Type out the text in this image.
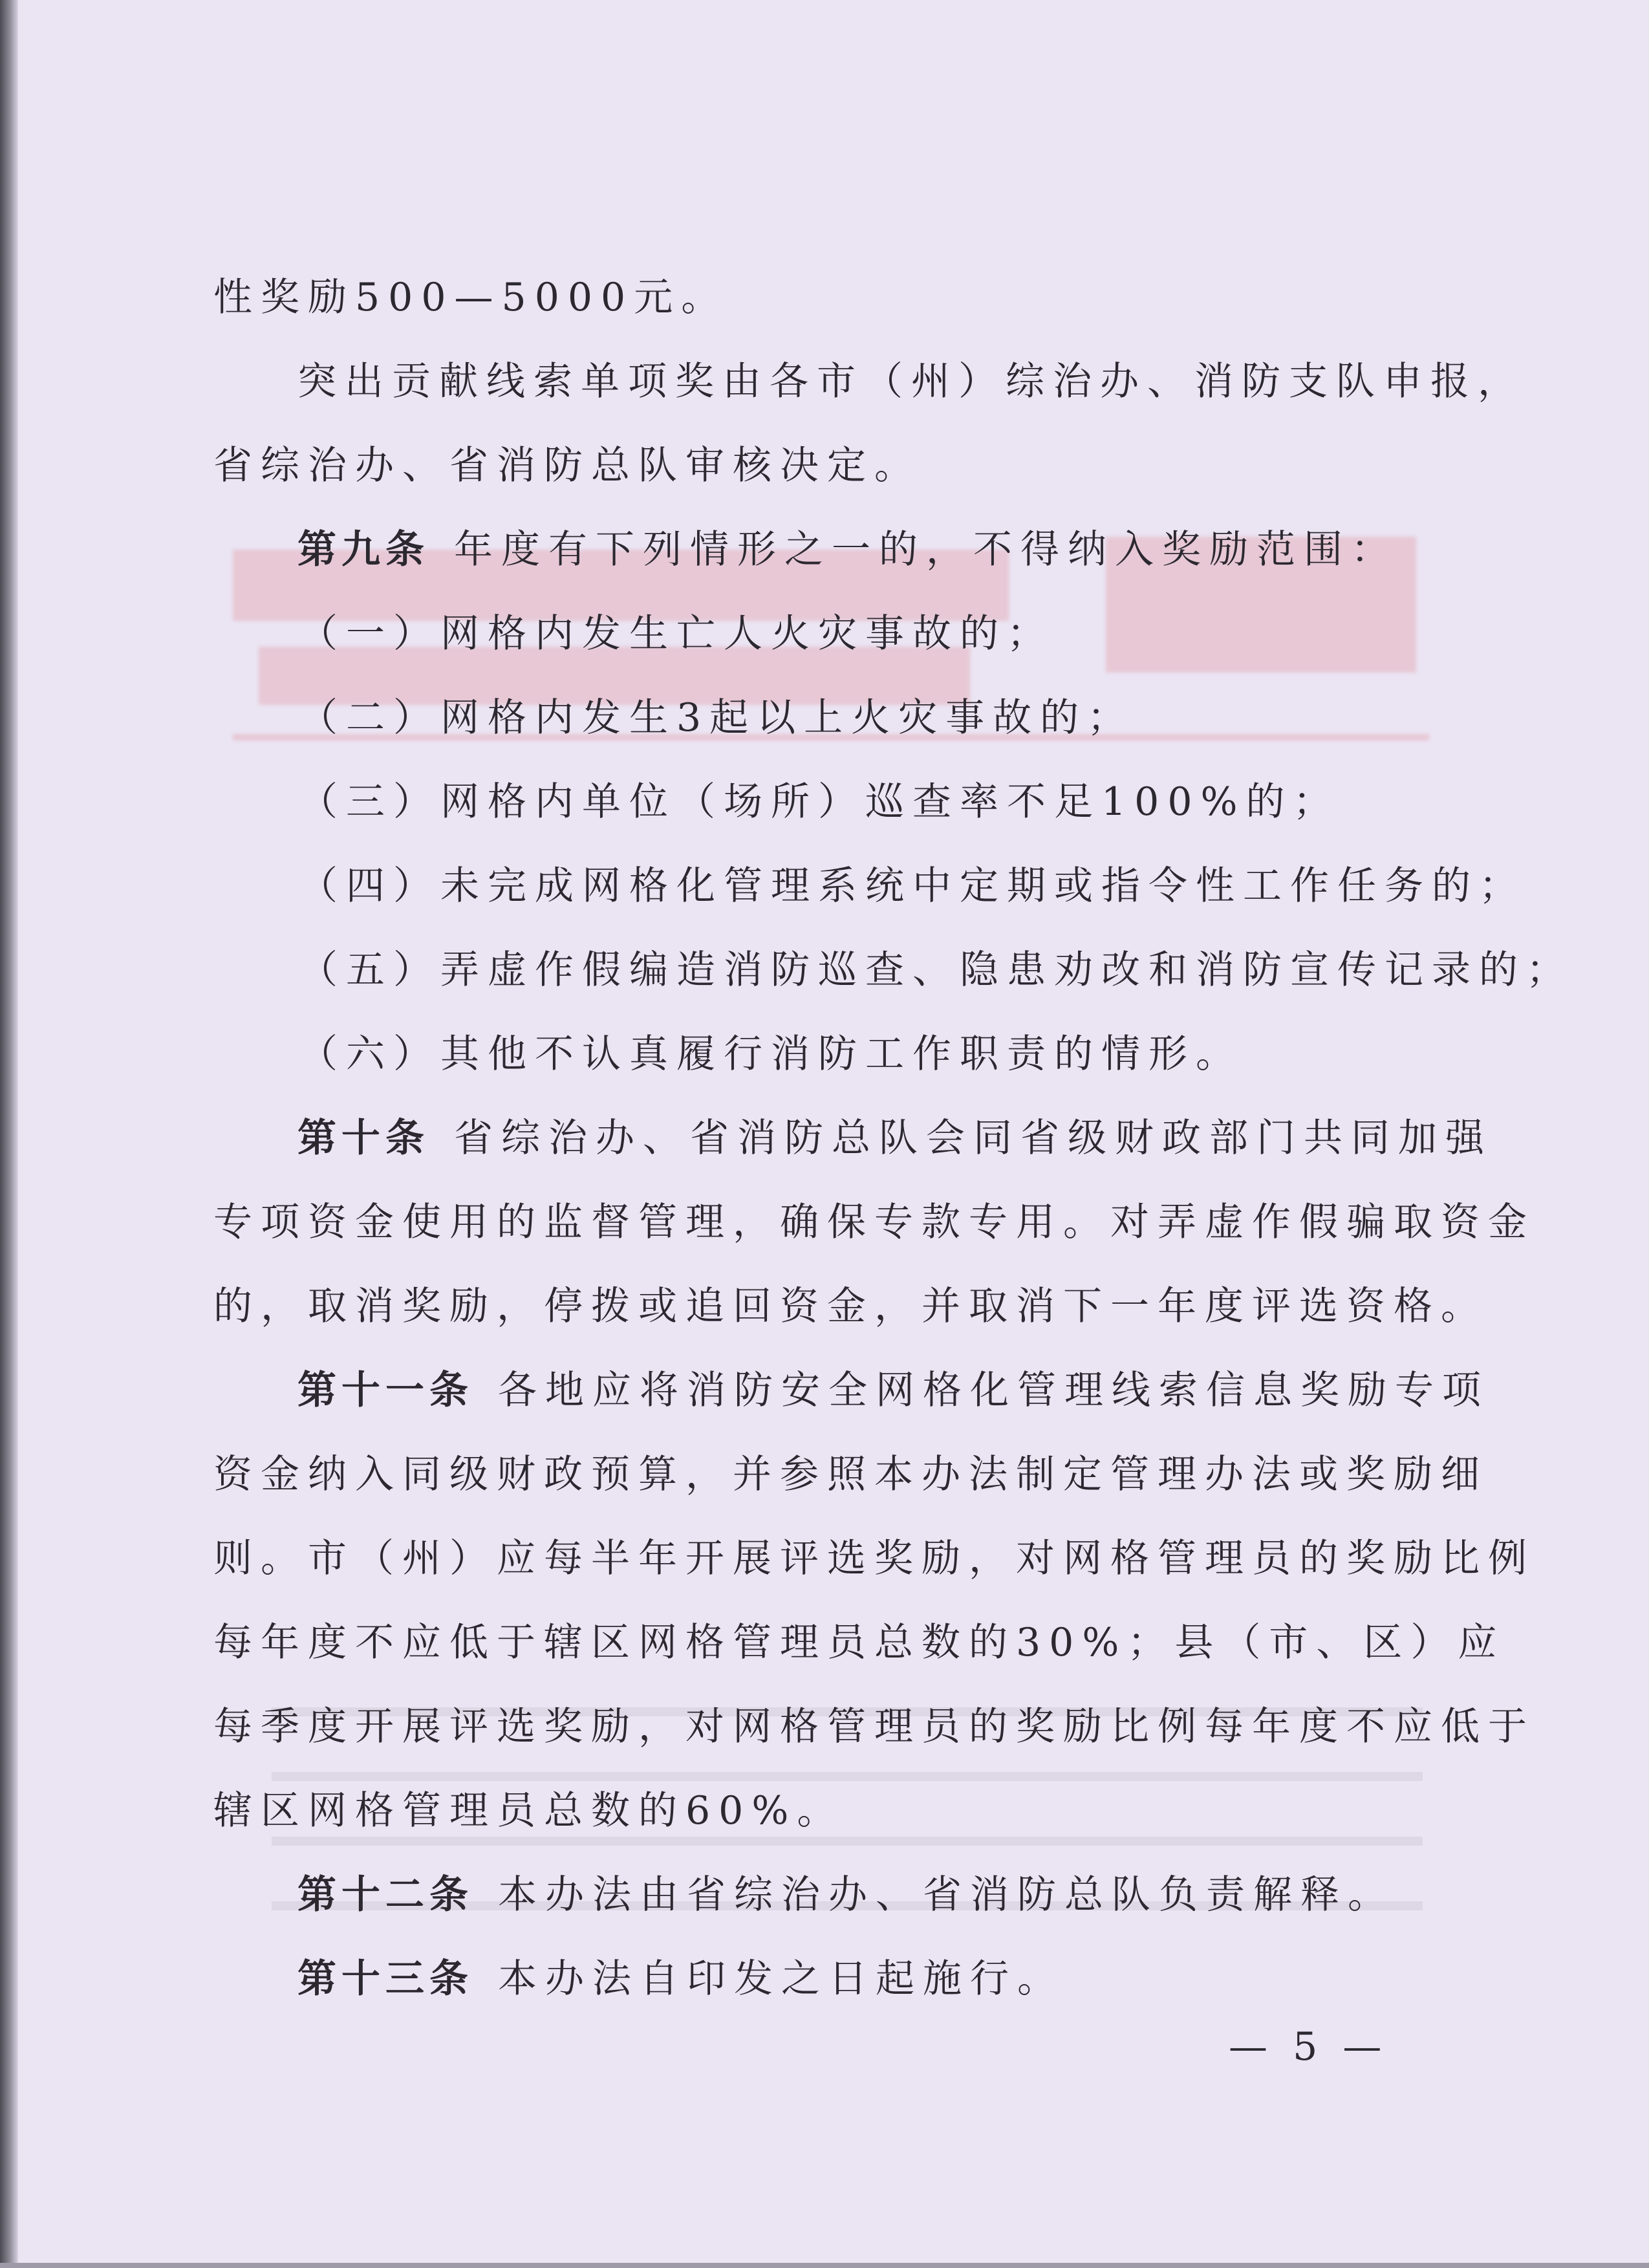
性奖励500—5000元。

突出贡献线索单项奖由各市（州）综治办、消防支队申报，

省综治办、省消防总队审核决定。

第九条 年度有下列情形之一的，不得纳入奖励范围：

（一）网格内发生亡人火灾事故的；

（二）网格内发生3起以上火灾事故的；

（三）网格内单位（场所）巡查率不足100%的；

（四）未完成网格化管理系统中定期或指令性工作任务的；

（五）弄虚作假编造消防巡查、隐患劝改和消防宣传记录的；

（六）其他不认真履行消防工作职责的情形。

第十条 省综治办、省消防总队会同省级财政部门共同加强

专项资金使用的监督管理，确保专款专用。对弄虚作假骗取资金

的，取消奖励，停拨或追回资金，并取消下一年度评选资格。

第十一条 各地应将消防安全网格化管理线索信息奖励专项

资金纳入同级财政预算，并参照本办法制定管理办法或奖励细

则。市（州）应每半年开展评选奖励，对网格管理员的奖励比例

每年度不应低于辖区网格管理员总数的30%；县（市、区）应

每季度开展评选奖励，对网格管理员的奖励比例每年度不应低于

辖区网格管理员总数的60%。

第十二条 本办法由省综治办、省消防总队负责解释。

第十三条 本办法自印发之日起施行。

— 5 —
